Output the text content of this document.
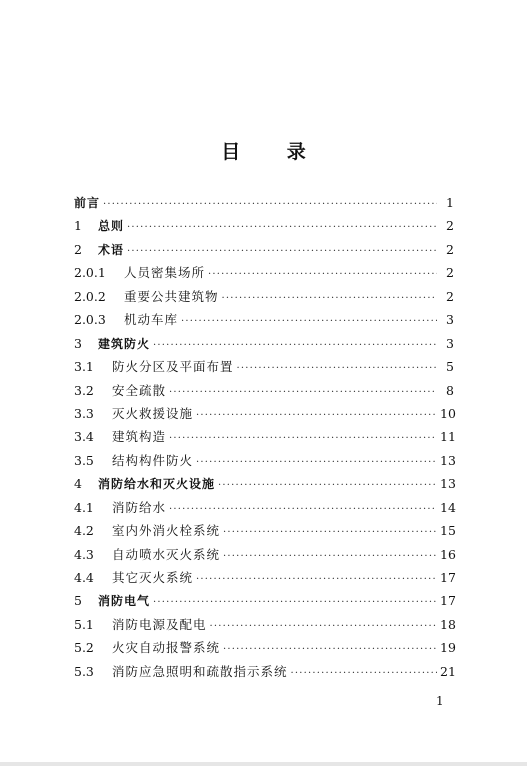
目 录
前言 ·····	1
1	总则 ·····	2
2	术语 ·····	2
2.0.1	人员密集场所 ·····	2
2.0.2	重要公共建筑物 ·····	2
2.0.3	机动车库 ·····	3
3	建筑防火 ·····	3
3.1	防火分区及平面布置 ·····	5
3.2	安全疏散 ·····	8
3.3	灭火救援设施 ·····	10
3.4	建筑构造 ·····	11
3.5	结构构件防火 ·····	13
4	消防给水和灭火设施 ·····	13
4.1	消防给水 ·····	14
4.2	室内外消火栓系统 ·····	15
4.3	自动喷水灭火系统 ·····	16
4.4	其它灭火系统 ·····	17
5	消防电气 ·····	17
5.1	消防电源及配电 ·····	18
5.2	火灾自动报警系统 ·····	19
5.3	消防应急照明和疏散指示系统 ·····	21
1
